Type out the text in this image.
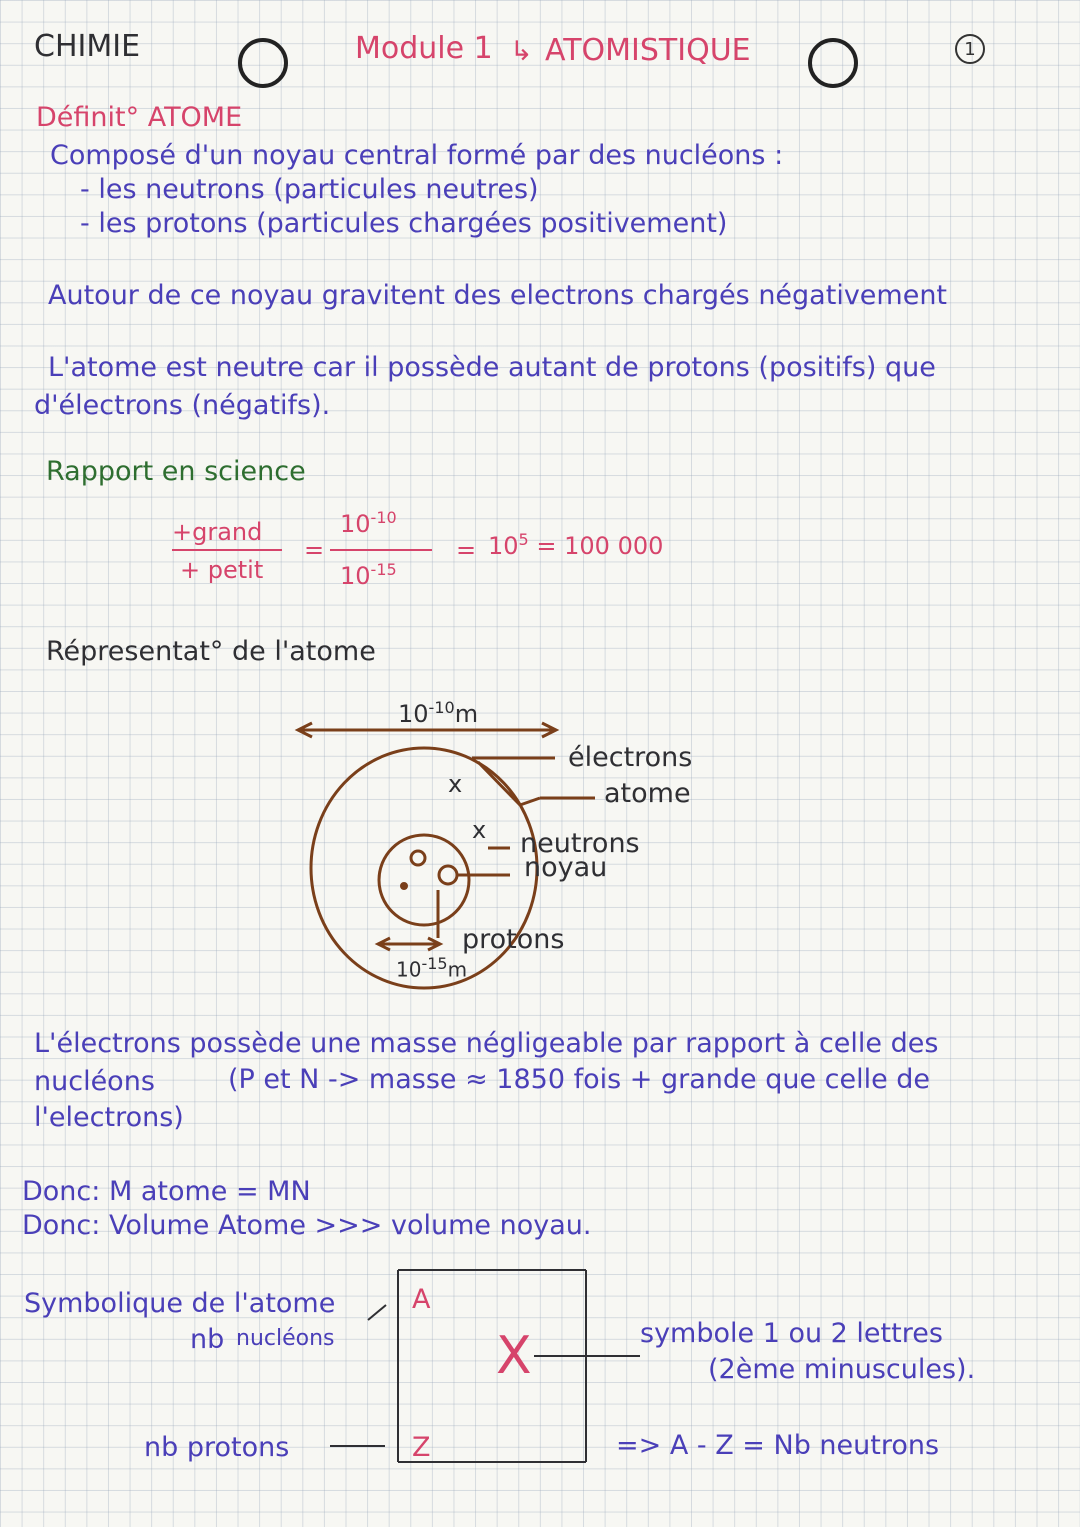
CHIMIE	Module 1 ↳ ATOMISTIQUE	1
Définit° ATOME
Composé d'un noyau central formé par des nucléons :
- les neutrons (particules neutres)
- les protons (particules chargées positivement)
Autour de ce noyau gravitent des electrons chargés négativement
L'atome est neutre car il possède autant de protons (positifs) que
d'électrons (négatifs).
Rapport en science
+grand
+ petit
=
$10^{-10}$
$10^{-15}$
= $10^5 = 100$ 000
Répresentat° de l'atome
$10^{-10}m$
électrons
atome
neutrons
noyau
protons
$10^{-15}m$
x
x
L'électrons possède une masse négligeable par rapport à celle des
nucléons	(P et N -> masse ≈ 1850 fois + grande que celle de
l'electrons)
Donc: M atome = MN
Donc: Volume Atome >>> volume noyau.
Symbolique de l'atome
nb nucléons
nb protons
A
Z
X	symbole 1 ou 2 lettres
(2ème minuscules).
=> A - Z = Nb neutrons
